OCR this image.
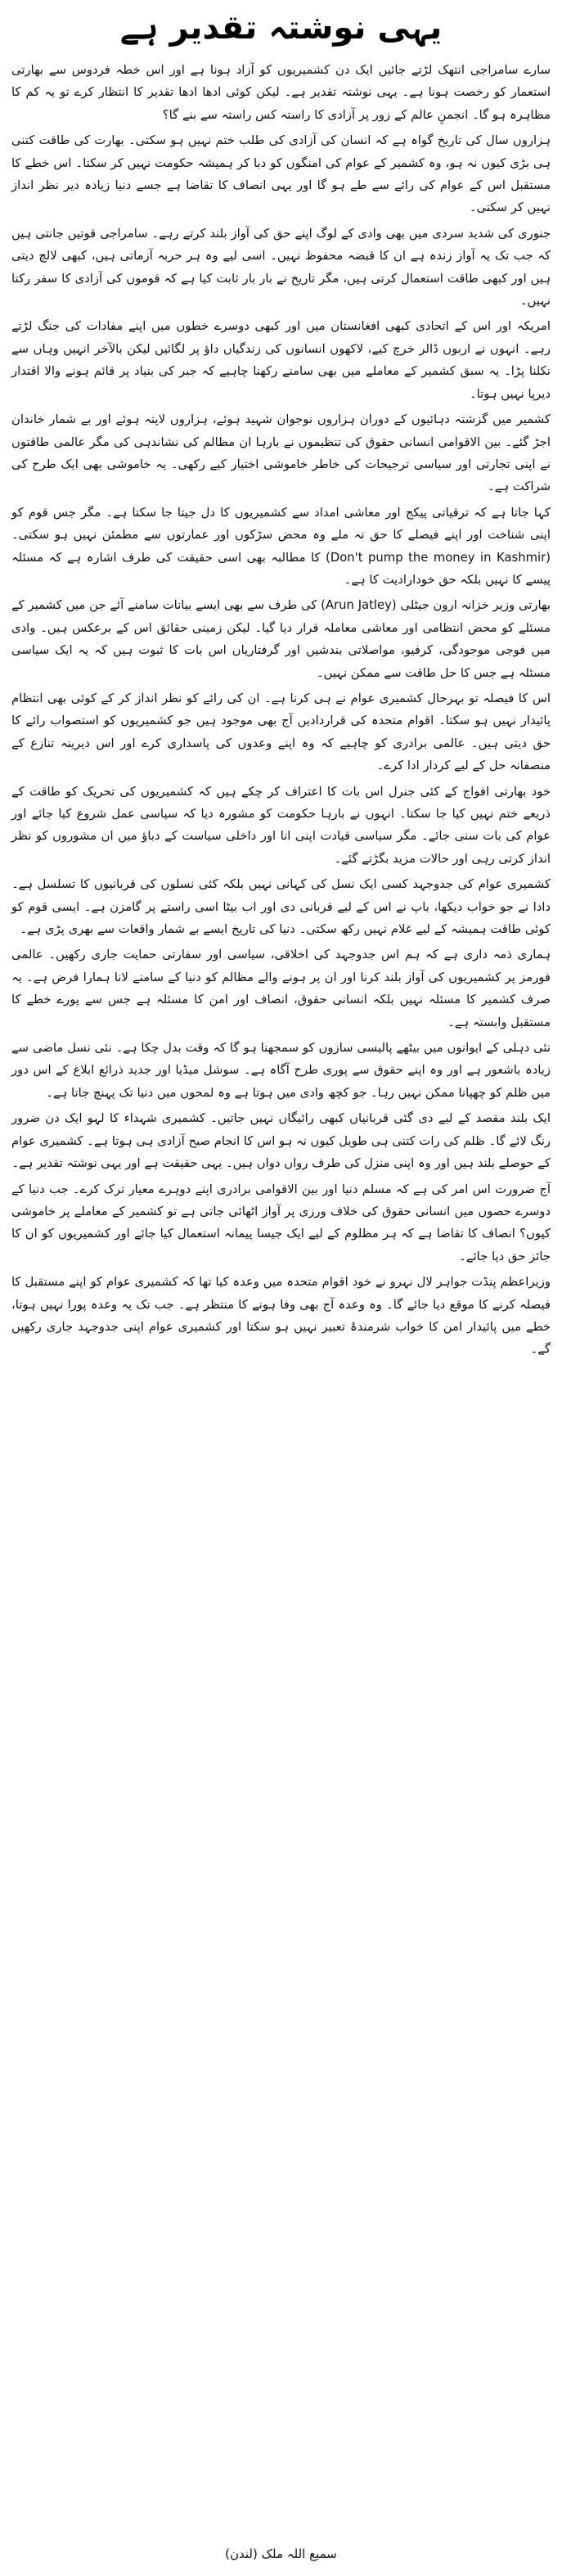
یہی نوشتہ تقدیر ہے

سارے سامراجی انتھک لڑتے جائیں ایک دن کشمیریوں کو آزاد ہونا ہے اور اس خطہ فردوس سے بھارتی استعمار کو رخصت ہونا ہے۔ یہی نوشتہ تقدیر ہے۔ لیکن کوئی ادھا ادھا تقدیر کا انتظار کرے تو یہ کم کا مظاہرہ ہو گا۔ انجمنِ عالم کے زور پر آزادی کا راستہ کس راستہ سے بنے گا؟

ہزاروں سال کی تاریخ گواہ ہے کہ انسان کی آزادی کی طلب ختم نہیں ہو سکتی۔ بھارت کی طاقت کتنی ہی بڑی کیوں نہ ہو، وہ کشمیر کے عوام کی امنگوں کو دبا کر ہمیشہ حکومت نہیں کر سکتا۔ اس خطے کا مستقبل اس کے عوام کی رائے سے طے ہو گا اور یہی انصاف کا تقاضا ہے جسے دنیا زیادہ دیر نظر انداز نہیں کر سکتی۔

جنوری کی شدید سردی میں بھی وادی کے لوگ اپنے حق کی آواز بلند کرتے رہے۔ سامراجی قوتیں جانتی ہیں کہ جب تک یہ آواز زندہ ہے ان کا قبضہ محفوظ نہیں۔ اسی لیے وہ ہر حربہ آزماتی ہیں، کبھی لالچ دیتی ہیں اور کبھی طاقت استعمال کرتی ہیں، مگر تاریخ نے بار بار ثابت کیا ہے کہ قوموں کی آزادی کا سفر رکتا نہیں۔

امریکہ اور اس کے اتحادی کبھی افغانستان میں اور کبھی دوسرے خطوں میں اپنے مفادات کی جنگ لڑتے رہے۔ انہوں نے اربوں ڈالر خرچ کیے، لاکھوں انسانوں کی زندگیاں داؤ پر لگائیں لیکن بالآخر انہیں وہاں سے نکلنا پڑا۔ یہ سبق کشمیر کے معاملے میں بھی سامنے رکھنا چاہیے کہ جبر کی بنیاد پر قائم ہونے والا اقتدار دیرپا نہیں ہوتا۔

کشمیر میں گزشتہ دہائیوں کے دوران ہزاروں نوجوان شہید ہوئے، ہزاروں لاپتہ ہوئے اور بے شمار خاندان اجڑ گئے۔ بین الاقوامی انسانی حقوق کی تنظیموں نے بارہا ان مظالم کی نشاندہی کی مگر عالمی طاقتوں نے اپنی تجارتی اور سیاسی ترجیحات کی خاطر خاموشی اختیار کیے رکھی۔ یہ خاموشی بھی ایک طرح کی شراکت ہے۔

کہا جاتا ہے کہ ترقیاتی پیکج اور معاشی امداد سے کشمیریوں کا دل جیتا جا سکتا ہے۔ مگر جس قوم کو اپنی شناخت اور اپنے فیصلے کا حق نہ ملے وہ محض سڑکوں اور عمارتوں سے مطمئن نہیں ہو سکتی۔ (Don't pump the money in Kashmir) کا مطالبہ بھی اسی حقیقت کی طرف اشارہ ہے کہ مسئلہ پیسے کا نہیں بلکہ حق خودارادیت کا ہے۔

بھارتی وزیر خزانہ ارون جیٹلی (Arun Jatley) کی طرف سے بھی ایسے بیانات سامنے آئے جن میں کشمیر کے مسئلے کو محض انتظامی اور معاشی معاملہ قرار دیا گیا۔ لیکن زمینی حقائق اس کے برعکس ہیں۔ وادی میں فوجی موجودگی، کرفیو، مواصلاتی بندشیں اور گرفتاریاں اس بات کا ثبوت ہیں کہ یہ ایک سیاسی مسئلہ ہے جس کا حل طاقت سے ممکن نہیں۔

اس کا فیصلہ تو بہرحال کشمیری عوام نے ہی کرنا ہے۔ ان کی رائے کو نظر انداز کر کے کوئی بھی انتظام پائیدار نہیں ہو سکتا۔ اقوام متحدہ کی قراردادیں آج بھی موجود ہیں جو کشمیریوں کو استصواب رائے کا حق دیتی ہیں۔ عالمی برادری کو چاہیے کہ وہ اپنے وعدوں کی پاسداری کرے اور اس دیرینہ تنازع کے منصفانہ حل کے لیے کردار ادا کرے۔

خود بھارتی افواج کے کئی جنرل اس بات کا اعتراف کر چکے ہیں کہ کشمیریوں کی تحریک کو طاقت کے ذریعے ختم نہیں کیا جا سکتا۔ انہوں نے بارہا حکومت کو مشورہ دیا کہ سیاسی عمل شروع کیا جائے اور عوام کی بات سنی جائے۔ مگر سیاسی قیادت اپنی انا اور داخلی سیاست کے دباؤ میں ان مشوروں کو نظر انداز کرتی رہی اور حالات مزید بگڑتے گئے۔

کشمیری عوام کی جدوجہد کسی ایک نسل کی کہانی نہیں بلکہ کئی نسلوں کی قربانیوں کا تسلسل ہے۔ دادا نے جو خواب دیکھا، باپ نے اس کے لیے قربانی دی اور اب بیٹا اسی راستے پر گامزن ہے۔ ایسی قوم کو کوئی طاقت ہمیشہ کے لیے غلام نہیں رکھ سکتی۔ دنیا کی تاریخ ایسے بے شمار واقعات سے بھری پڑی ہے۔

ہماری ذمہ داری ہے کہ ہم اس جدوجہد کی اخلاقی، سیاسی اور سفارتی حمایت جاری رکھیں۔ عالمی فورمز پر کشمیریوں کی آواز بلند کرنا اور ان پر ہونے والے مظالم کو دنیا کے سامنے لانا ہمارا فرض ہے۔ یہ صرف کشمیر کا مسئلہ نہیں بلکہ انسانی حقوق، انصاف اور امن کا مسئلہ ہے جس سے پورے خطے کا مستقبل وابستہ ہے۔

نئی دہلی کے ایوانوں میں بیٹھے پالیسی سازوں کو سمجھنا ہو گا کہ وقت بدل چکا ہے۔ نئی نسل ماضی سے زیادہ باشعور ہے اور وہ اپنے حقوق سے پوری طرح آگاہ ہے۔ سوشل میڈیا اور جدید ذرائع ابلاغ کے اس دور میں ظلم کو چھپانا ممکن نہیں رہا۔ جو کچھ وادی میں ہوتا ہے وہ لمحوں میں دنیا تک پہنچ جاتا ہے۔

ایک بلند مقصد کے لیے دی گئی قربانیاں کبھی رائیگاں نہیں جاتیں۔ کشمیری شہداء کا لہو ایک دن ضرور رنگ لائے گا۔ ظلم کی رات کتنی ہی طویل کیوں نہ ہو اس کا انجام صبح آزادی ہی ہوتا ہے۔ کشمیری عوام کے حوصلے بلند ہیں اور وہ اپنی منزل کی طرف رواں دواں ہیں۔ یہی حقیقت ہے اور یہی نوشتہ تقدیر ہے۔

آج ضرورت اس امر کی ہے کہ مسلم دنیا اور بین الاقوامی برادری اپنے دوہرے معیار ترک کرے۔ جب دنیا کے دوسرے حصوں میں انسانی حقوق کی خلاف ورزی پر آواز اٹھائی جاتی ہے تو کشمیر کے معاملے پر خاموشی کیوں؟ انصاف کا تقاضا ہے کہ ہر مظلوم کے لیے ایک جیسا پیمانہ استعمال کیا جائے اور کشمیریوں کو ان کا جائز حق دیا جائے۔

وزیراعظم پنڈت جواہر لال نہرو نے خود اقوام متحدہ میں وعدہ کیا تھا کہ کشمیری عوام کو اپنے مستقبل کا فیصلہ کرنے کا موقع دیا جائے گا۔ وہ وعدہ آج بھی وفا ہونے کا منتظر ہے۔ جب تک یہ وعدہ پورا نہیں ہوتا، خطے میں پائیدار امن کا خواب شرمندۂ تعبیر نہیں ہو سکتا اور کشمیری عوام اپنی جدوجہد جاری رکھیں گے۔

سمیع اللہ ملک (لندن)
